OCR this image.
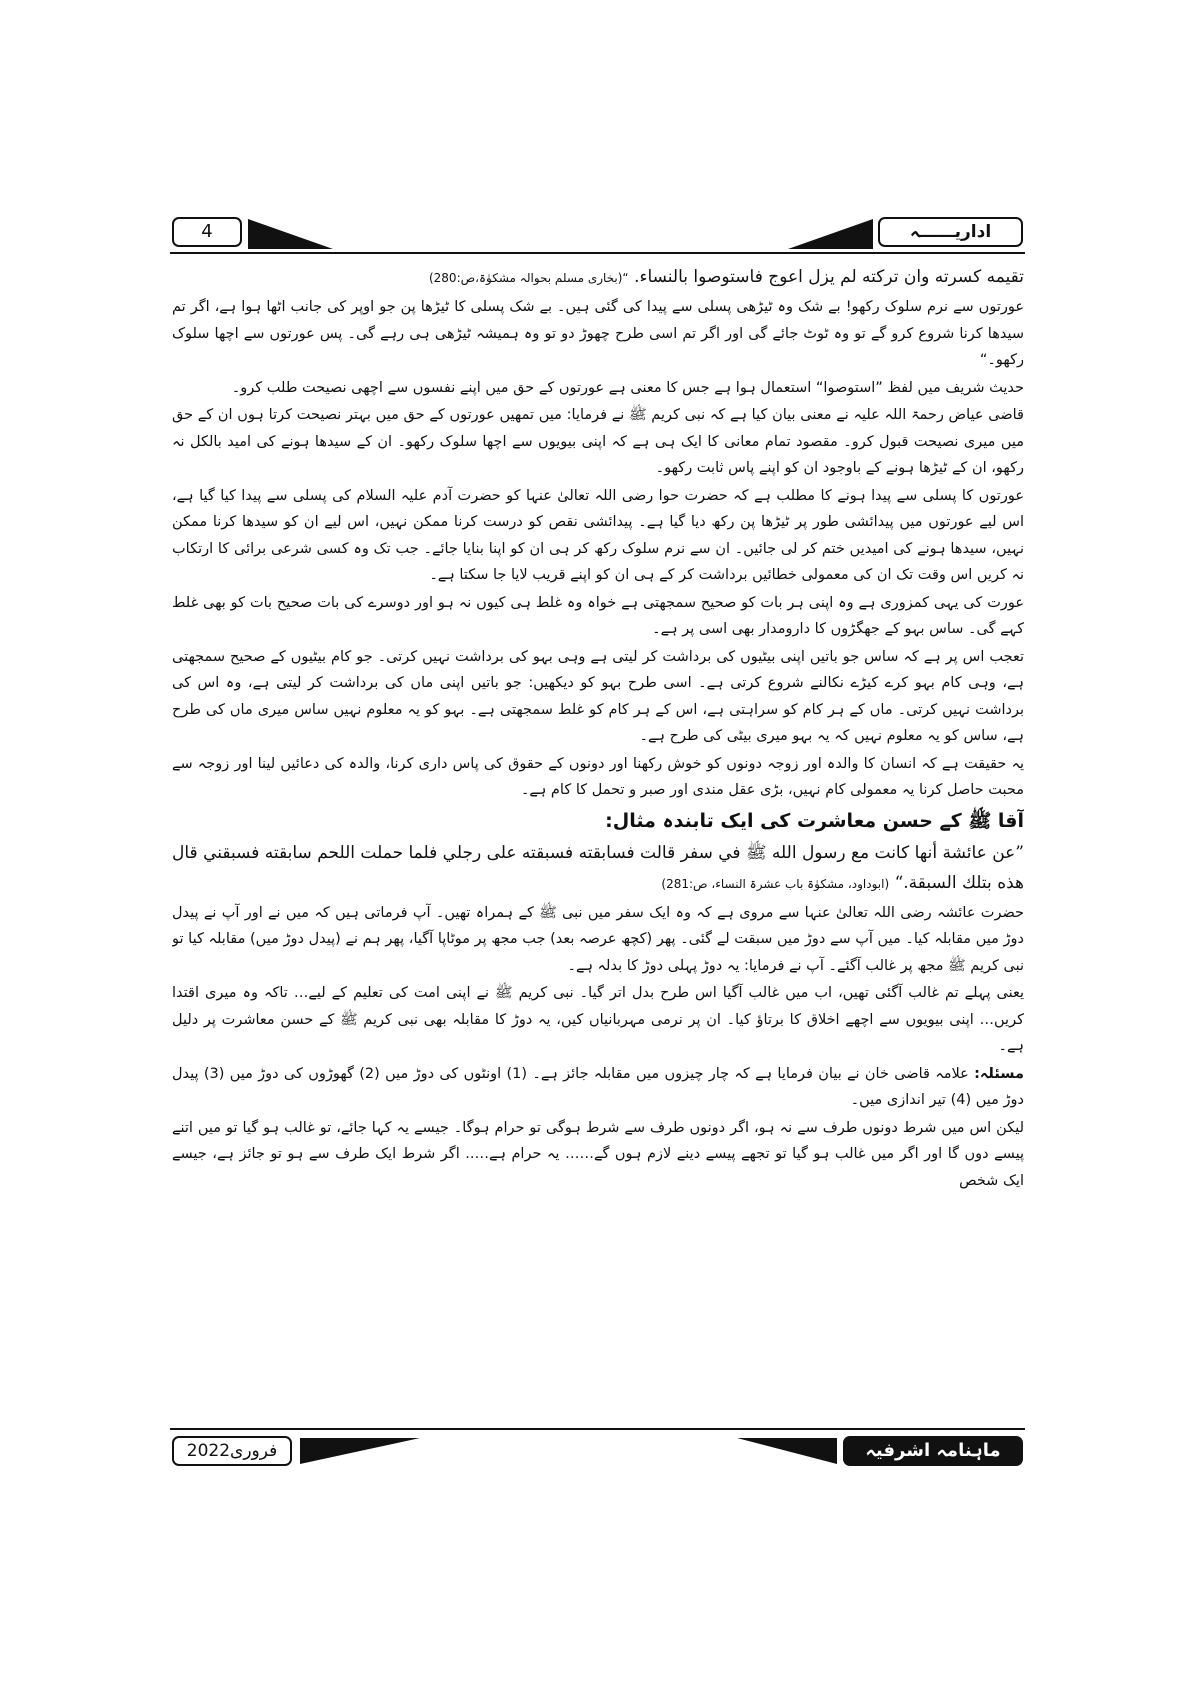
4	اداریــــــہ

تقیمه كسرته وان تركته لم يزل اعوج فاستوصوا بالنساء. “(بخاری مسلم بحوالہ مشکوٰۃ،ص:280)

عورتوں سے نرم سلوک رکھو! بے شک وہ ٹیڑھی پسلی سے پیدا کی گئی ہیں۔ بے شک پسلی کا ٹیڑھا پن جو اوپر کی جانب اٹھا ہوا ہے، اگر تم سیدھا کرنا شروع کرو گے تو وہ ٹوٹ جائے گی اور اگر تم اسی طرح چھوڑ دو تو وہ ہمیشہ ٹیڑھی ہی رہے گی۔ پس عورتوں سے اچھا سلوک رکھو۔“

حدیث شریف میں لفظ ”استوصوا“ استعمال ہوا ہے جس کا معنی ہے عورتوں کے حق میں اپنے نفسوں سے اچھی نصیحت طلب کرو۔

قاضی عیاض رحمۃ اللہ علیہ نے معنی بیان کیا ہے کہ نبی کریم ﷺ نے فرمایا: میں تمھیں عورتوں کے حق میں بہتر نصیحت کرتا ہوں ان کے حق میں میری نصیحت قبول کرو۔ مقصود تمام معانی کا ایک ہی ہے کہ اپنی بیویوں سے اچھا سلوک رکھو۔ ان کے سیدھا ہونے کی امید بالکل نہ رکھو، ان کے ٹیڑھا ہونے کے باوجود ان کو اپنے پاس ثابت رکھو۔

عورتوں کا پسلی سے پیدا ہونے کا مطلب ہے کہ حضرت حوا رضی اللہ تعالیٰ عنہا کو حضرت آدم علیہ السلام کی پسلی سے پیدا کیا گیا ہے، اس لیے عورتوں میں پیدائشی طور پر ٹیڑھا پن رکھ دیا گیا ہے۔ پیدائشی نقص کو درست کرنا ممکن نہیں، اس لیے ان کو سیدھا کرنا ممکن نہیں، سیدھا ہونے کی امیدیں ختم کر لی جائیں۔ ان سے نرم سلوک رکھ کر ہی ان کو اپنا بنایا جائے۔ جب تک وہ کسی شرعی برائی کا ارتکاب نہ کریں اس وقت تک ان کی معمولی خطائیں برداشت کر کے ہی ان کو اپنے قریب لایا جا سکتا ہے۔

عورت کی یہی کمزوری ہے وہ اپنی ہر بات کو صحیح سمجھتی ہے خواہ وہ غلط ہی کیوں نہ ہو اور دوسرے کی بات صحیح بات کو بھی غلط کہے گی۔ ساس بہو کے جھگڑوں کا دارومدار بھی اسی پر ہے۔

تعجب اس پر ہے کہ ساس جو باتیں اپنی بیٹیوں کی برداشت کر لیتی ہے وہی بہو کی برداشت نہیں کرتی۔ جو کام بیٹیوں کے صحیح سمجھتی ہے، وہی کام بہو کرے کیڑے نکالنے شروع کرتی ہے۔ اسی طرح بہو کو دیکھیں: جو باتیں اپنی ماں کی برداشت کر لیتی ہے، وہ اس کی برداشت نہیں کرتی۔ ماں کے ہر کام کو سراہتی ہے، اس کے ہر کام کو غلط سمجھتی ہے۔ بہو کو یہ معلوم نہیں ساس میری ماں کی طرح ہے، ساس کو یہ معلوم نہیں کہ یہ بہو میری بیٹی کی طرح ہے۔

یہ حقیقت ہے کہ انسان کا والدہ اور زوجہ دونوں کو خوش رکھنا اور دونوں کے حقوق کی پاس داری کرنا، والدہ کی دعائیں لینا اور زوجہ سے محبت حاصل کرنا یہ معمولی کام نہیں، بڑی عقل مندی اور صبر و تحمل کا کام ہے۔

آقا ﷺ کے حسن معاشرت کی ایک تابندہ مثال:

”عن عائشة أنها كانت مع رسول الله ﷺ في سفر قالت فسابقته فسبقته على رجلي فلما حملت اللحم سابقته فسبقني قال هذه بتلك السبقة.“ (ابوداود، مشکوٰۃ باب عشرۃ النساء، ص:281)

حضرت عائشہ رضی اللہ تعالیٰ عنہا سے مروی ہے کہ وہ ایک سفر میں نبی ﷺ کے ہمراہ تھیں۔ آپ فرماتی ہیں کہ میں نے اور آپ نے پیدل دوڑ میں مقابلہ کیا۔ میں آپ سے دوڑ میں سبقت لے گئی۔ پھر (کچھ عرصہ بعد) جب مجھ پر موٹاپا آگیا، پھر ہم نے (پیدل دوڑ میں) مقابلہ کیا تو نبی کریم ﷺ مجھ پر غالب آگئے۔ آپ نے فرمایا: یہ دوڑ پہلی دوڑ کا بدلہ ہے۔

یعنی پہلے تم غالب آگئی تھیں، اب میں غالب آگیا اس طرح بدل اتر گیا۔ نبی کریم ﷺ نے اپنی امت کی تعلیم کے لیے… تاکہ وہ میری اقتدا کریں… اپنی بیویوں سے اچھے اخلاق کا برتاؤ کیا۔ ان پر نرمی مہربانیاں کیں، یہ دوڑ کا مقابلہ بھی نبی کریم ﷺ کے حسن معاشرت پر دلیل ہے۔

مسئلہ: علامہ قاضی خان نے بیان فرمایا ہے کہ چار چیزوں میں مقابلہ جائز ہے۔ (1) اونٹوں کی دوڑ میں (2) گھوڑوں کی دوڑ میں (3) پیدل دوڑ میں (4) تیر اندازی میں۔

لیکن اس میں شرط دونوں طرف سے نہ ہو، اگر دونوں طرف سے شرط ہوگی تو حرام ہوگا۔ جیسے یہ کہا جائے، تو غالب ہو گیا تو میں اتنے پیسے دوں گا اور اگر میں غالب ہو گیا تو تجھے پیسے دینے لازم ہوں گے…… یہ حرام ہے….. اگر شرط ایک طرف سے ہو تو جائز ہے، جیسے ایک شخص

فروری2022	ماہنامہ اشرفیہ
